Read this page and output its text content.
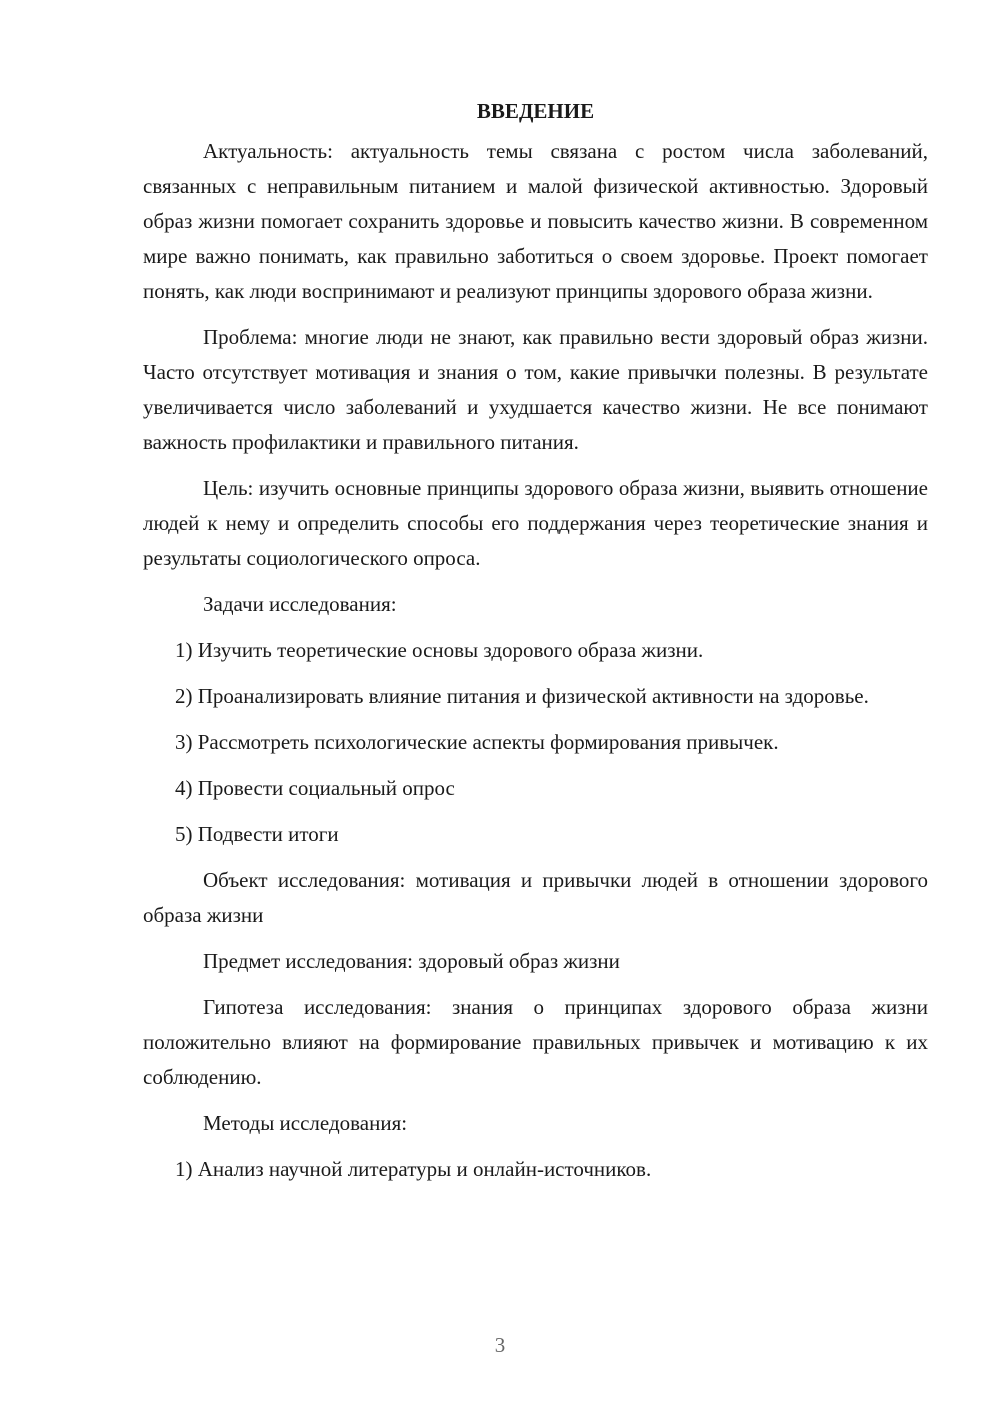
ВВЕДЕНИЕ

Актуальность: актуальность темы связана с ростом числа заболеваний, связанных с неправильным питанием и малой физической активностью. Здоровый образ жизни помогает сохранить здоровье и повысить качество жизни. В современном мире важно понимать, как правильно заботиться о своем здоровье. Проект помогает понять, как люди воспринимают и реализуют принципы здорового образа жизни.

Проблема: многие люди не знают, как правильно вести здоровый образ жизни. Часто отсутствует мотивация и знания о том, какие привычки полезны. В результате увеличивается число заболеваний и ухудшается качество жизни. Не все понимают важность профилактики и правильного питания.

Цель: изучить основные принципы здорового образа жизни, выявить отношение людей к нему и определить способы его поддержания через теоретические знания и результаты социологического опроса.

Задачи исследования:

1) Изучить теоретические основы здорового образа жизни.

2) Проанализировать влияние питания и физической активности на здоровье.

3) Рассмотреть психологические аспекты формирования привычек.

4) Провести социальный опрос

5) Подвести итоги

Объект исследования: мотивация и привычки людей в отношении здорового образа жизни

Предмет исследования: здоровый образ жизни

Гипотеза исследования: знания о принципах здорового образа жизни положительно влияют на формирование правильных привычек и мотивацию к их соблюдению.

Методы исследования:

1) Анализ научной литературы и онлайн-источников.

3
